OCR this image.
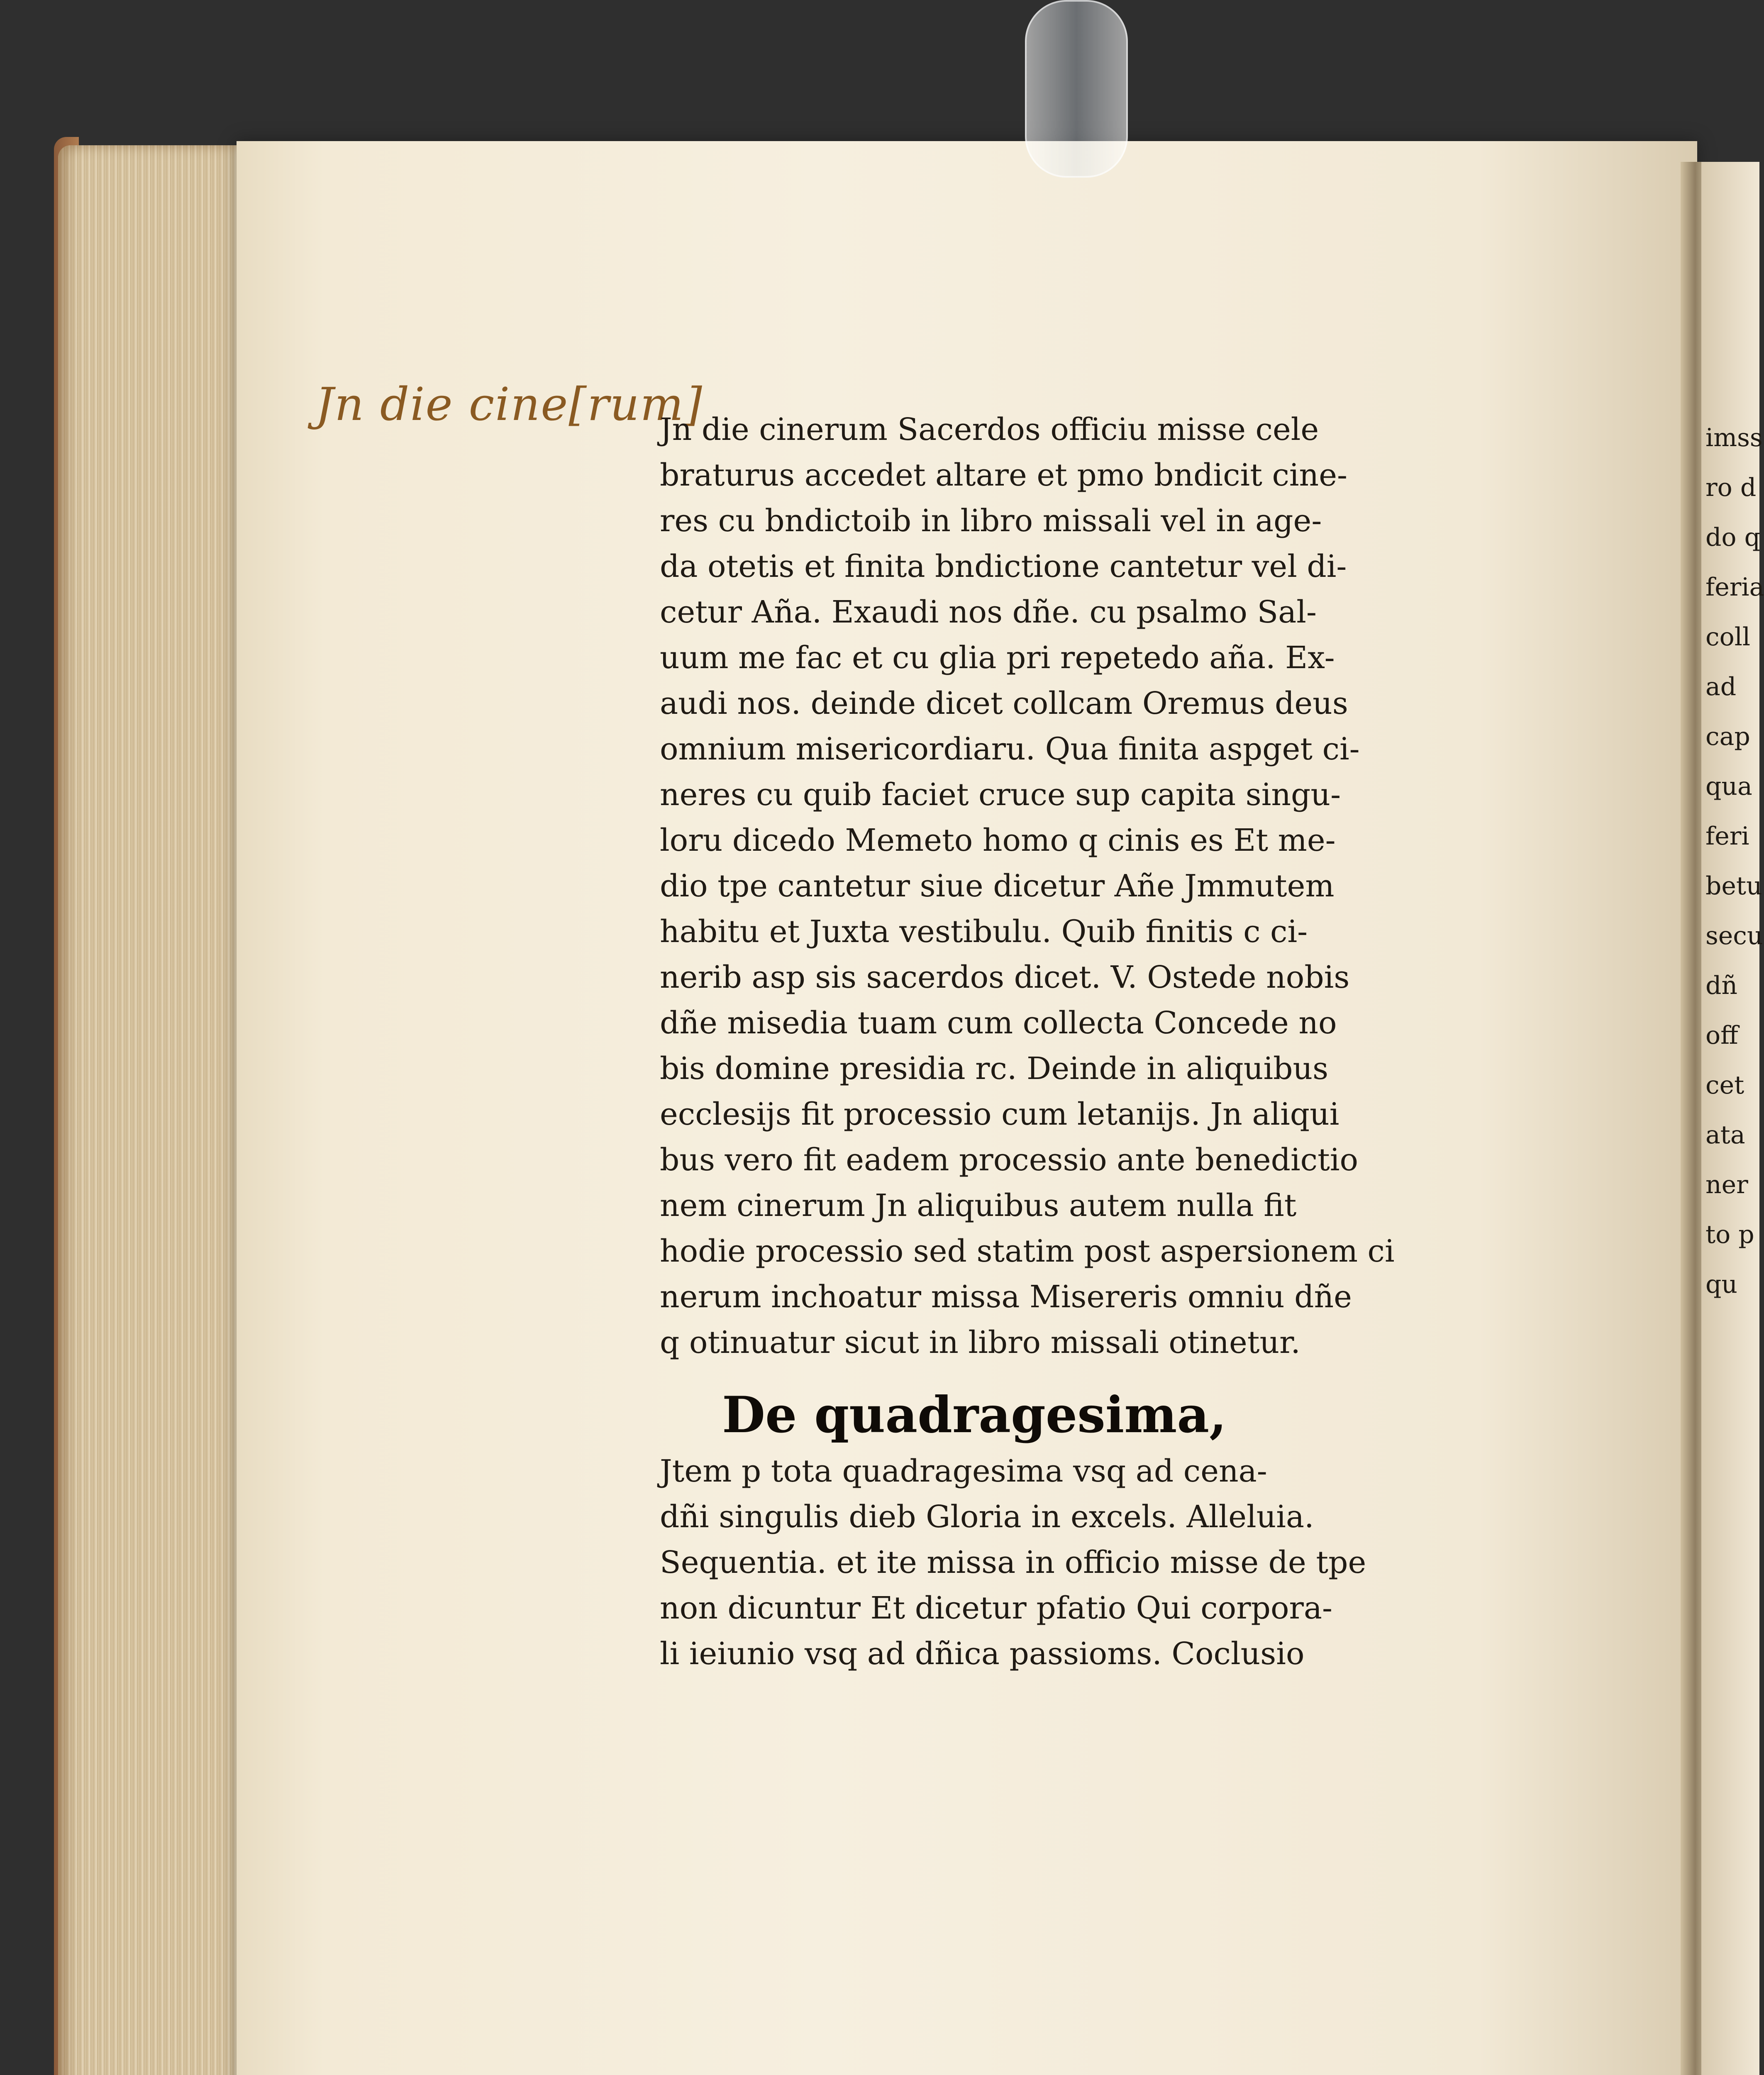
Jn die cine[rum]
Jn die cinerum Sacerdos officiu misse cele
braturus accedet altare et pmo bndicit cine-
res cu bndictoib in libro missali vel in age-
da otetis et finita bndictione cantetur vel di-
cetur Aña. Exaudi nos dñe. cu psalmo Sal-
uum me fac et cu glia pri repetedo aña. Ex-
audi nos. deinde dicet collcam Oremus deus
omnium misericordiaru. Qua finita aspget ci-
neres cu quib faciet cruce sup capita singu-
loru dicedo Memeto homo q cinis es Et me-
dio tpe cantetur siue dicetur Añe Jmmutem
habitu et Juxta vestibulu. Quib finitis c ci-
nerib asp sis sacerdos dicet. V. Ostede nobis
dñe misedia tuam cum collecta Concede no
bis domine presidia rc. Deinde in aliquibus
ecclesijs fit processio cum letanijs. Jn aliqui
bus vero fit eadem processio ante benedictio
nem cinerum Jn aliquibus autem nulla fit
hodie processio sed statim post aspersionem ci
nerum inchoatur missa Misereris omniu dñe
q otinuatur sicut in libro missali otinetur.
De quadragesima,
Jtem p tota quadragesima vsq ad cena-
dñi singulis dieb Gloria in excels. Alleluia.
Sequentia. et ite missa in officio misse de tpe
non dicuntur Et dicetur pfatio Qui corpora-
li ieiunio vsq ad dñica passioms. Coclusio
imss
ro d
do q
feria
coll
ad
cap
qua
feri
betu
secu
dñ
off
cet
ata
ner
to p
qu
